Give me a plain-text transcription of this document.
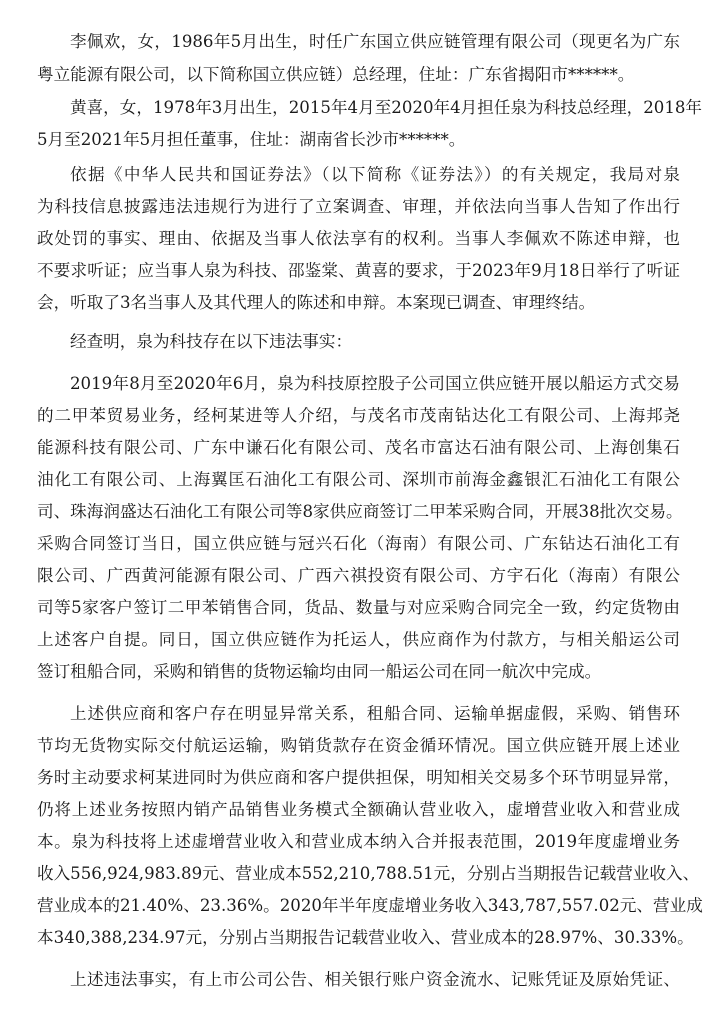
李佩欢，女，1986年5月出生，时任广东国立供应链管理有限公司（现更名为广东
粤立能源有限公司，以下简称国立供应链）总经理，住址：广东省揭阳市******。
黄喜，女，1978年3月出生，2015年4月至2020年4月担任泉为科技总经理，2018年
5月至2021年5月担任董事，住址：湖南省长沙市******。
依据《中华人民共和国证券法》（以下简称《证券法》）的有关规定，我局对泉
为科技信息披露违法违规行为进行了立案调查、审理，并依法向当事人告知了作出行
政处罚的事实、理由、依据及当事人依法享有的权利。当事人李佩欢不陈述申辩，也
不要求听证；应当事人泉为科技、邵鉴棠、黄喜的要求，于2023年9月18日举行了听证
会，听取了3名当事人及其代理人的陈述和申辩。本案现已调查、审理终结。
经查明，泉为科技存在以下违法事实：
2019年8月至2020年6月，泉为科技原控股子公司国立供应链开展以船运方式交易
的二甲苯贸易业务，经柯某进等人介绍，与茂名市茂南钻达化工有限公司、上海邦尧
能源科技有限公司、广东中谦石化有限公司、茂名市富达石油有限公司、上海创集石
油化工有限公司、上海翼匡石油化工有限公司、深圳市前海金鑫银汇石油化工有限公
司、珠海润盛达石油化工有限公司等8家供应商签订二甲苯采购合同，开展38批次交易。
采购合同签订当日，国立供应链与冠兴石化（海南）有限公司、广东钻达石油化工有
限公司、广西黄河能源有限公司、广西六祺投资有限公司、方宇石化（海南）有限公
司等5家客户签订二甲苯销售合同，货品、数量与对应采购合同完全一致，约定货物由
上述客户自提。同日，国立供应链作为托运人，供应商作为付款方，与相关船运公司
签订租船合同，采购和销售的货物运输均由同一船运公司在同一航次中完成。
上述供应商和客户存在明显异常关系，租船合同、运输单据虚假，采购、销售环
节均无货物实际交付航运运输，购销货款存在资金循环情况。国立供应链开展上述业
务时主动要求柯某进同时为供应商和客户提供担保，明知相关交易多个环节明显异常，
仍将上述业务按照内销产品销售业务模式全额确认营业收入，虚增营业收入和营业成
本。泉为科技将上述虚增营业收入和营业成本纳入合并报表范围，2019年度虚增业务
收入556,924,983.89元、营业成本552,210,788.51元，分别占当期报告记载营业收入、
营业成本的21.40%、23.36%。2020年半年度虚增业务收入343,787,557.02元、营业成
本340,388,234.97元，分别占当期报告记载营业收入、营业成本的28.97%、30.33%。
上述违法事实，有上市公司公告、相关银行账户资金流水、记账凭证及原始凭证、
